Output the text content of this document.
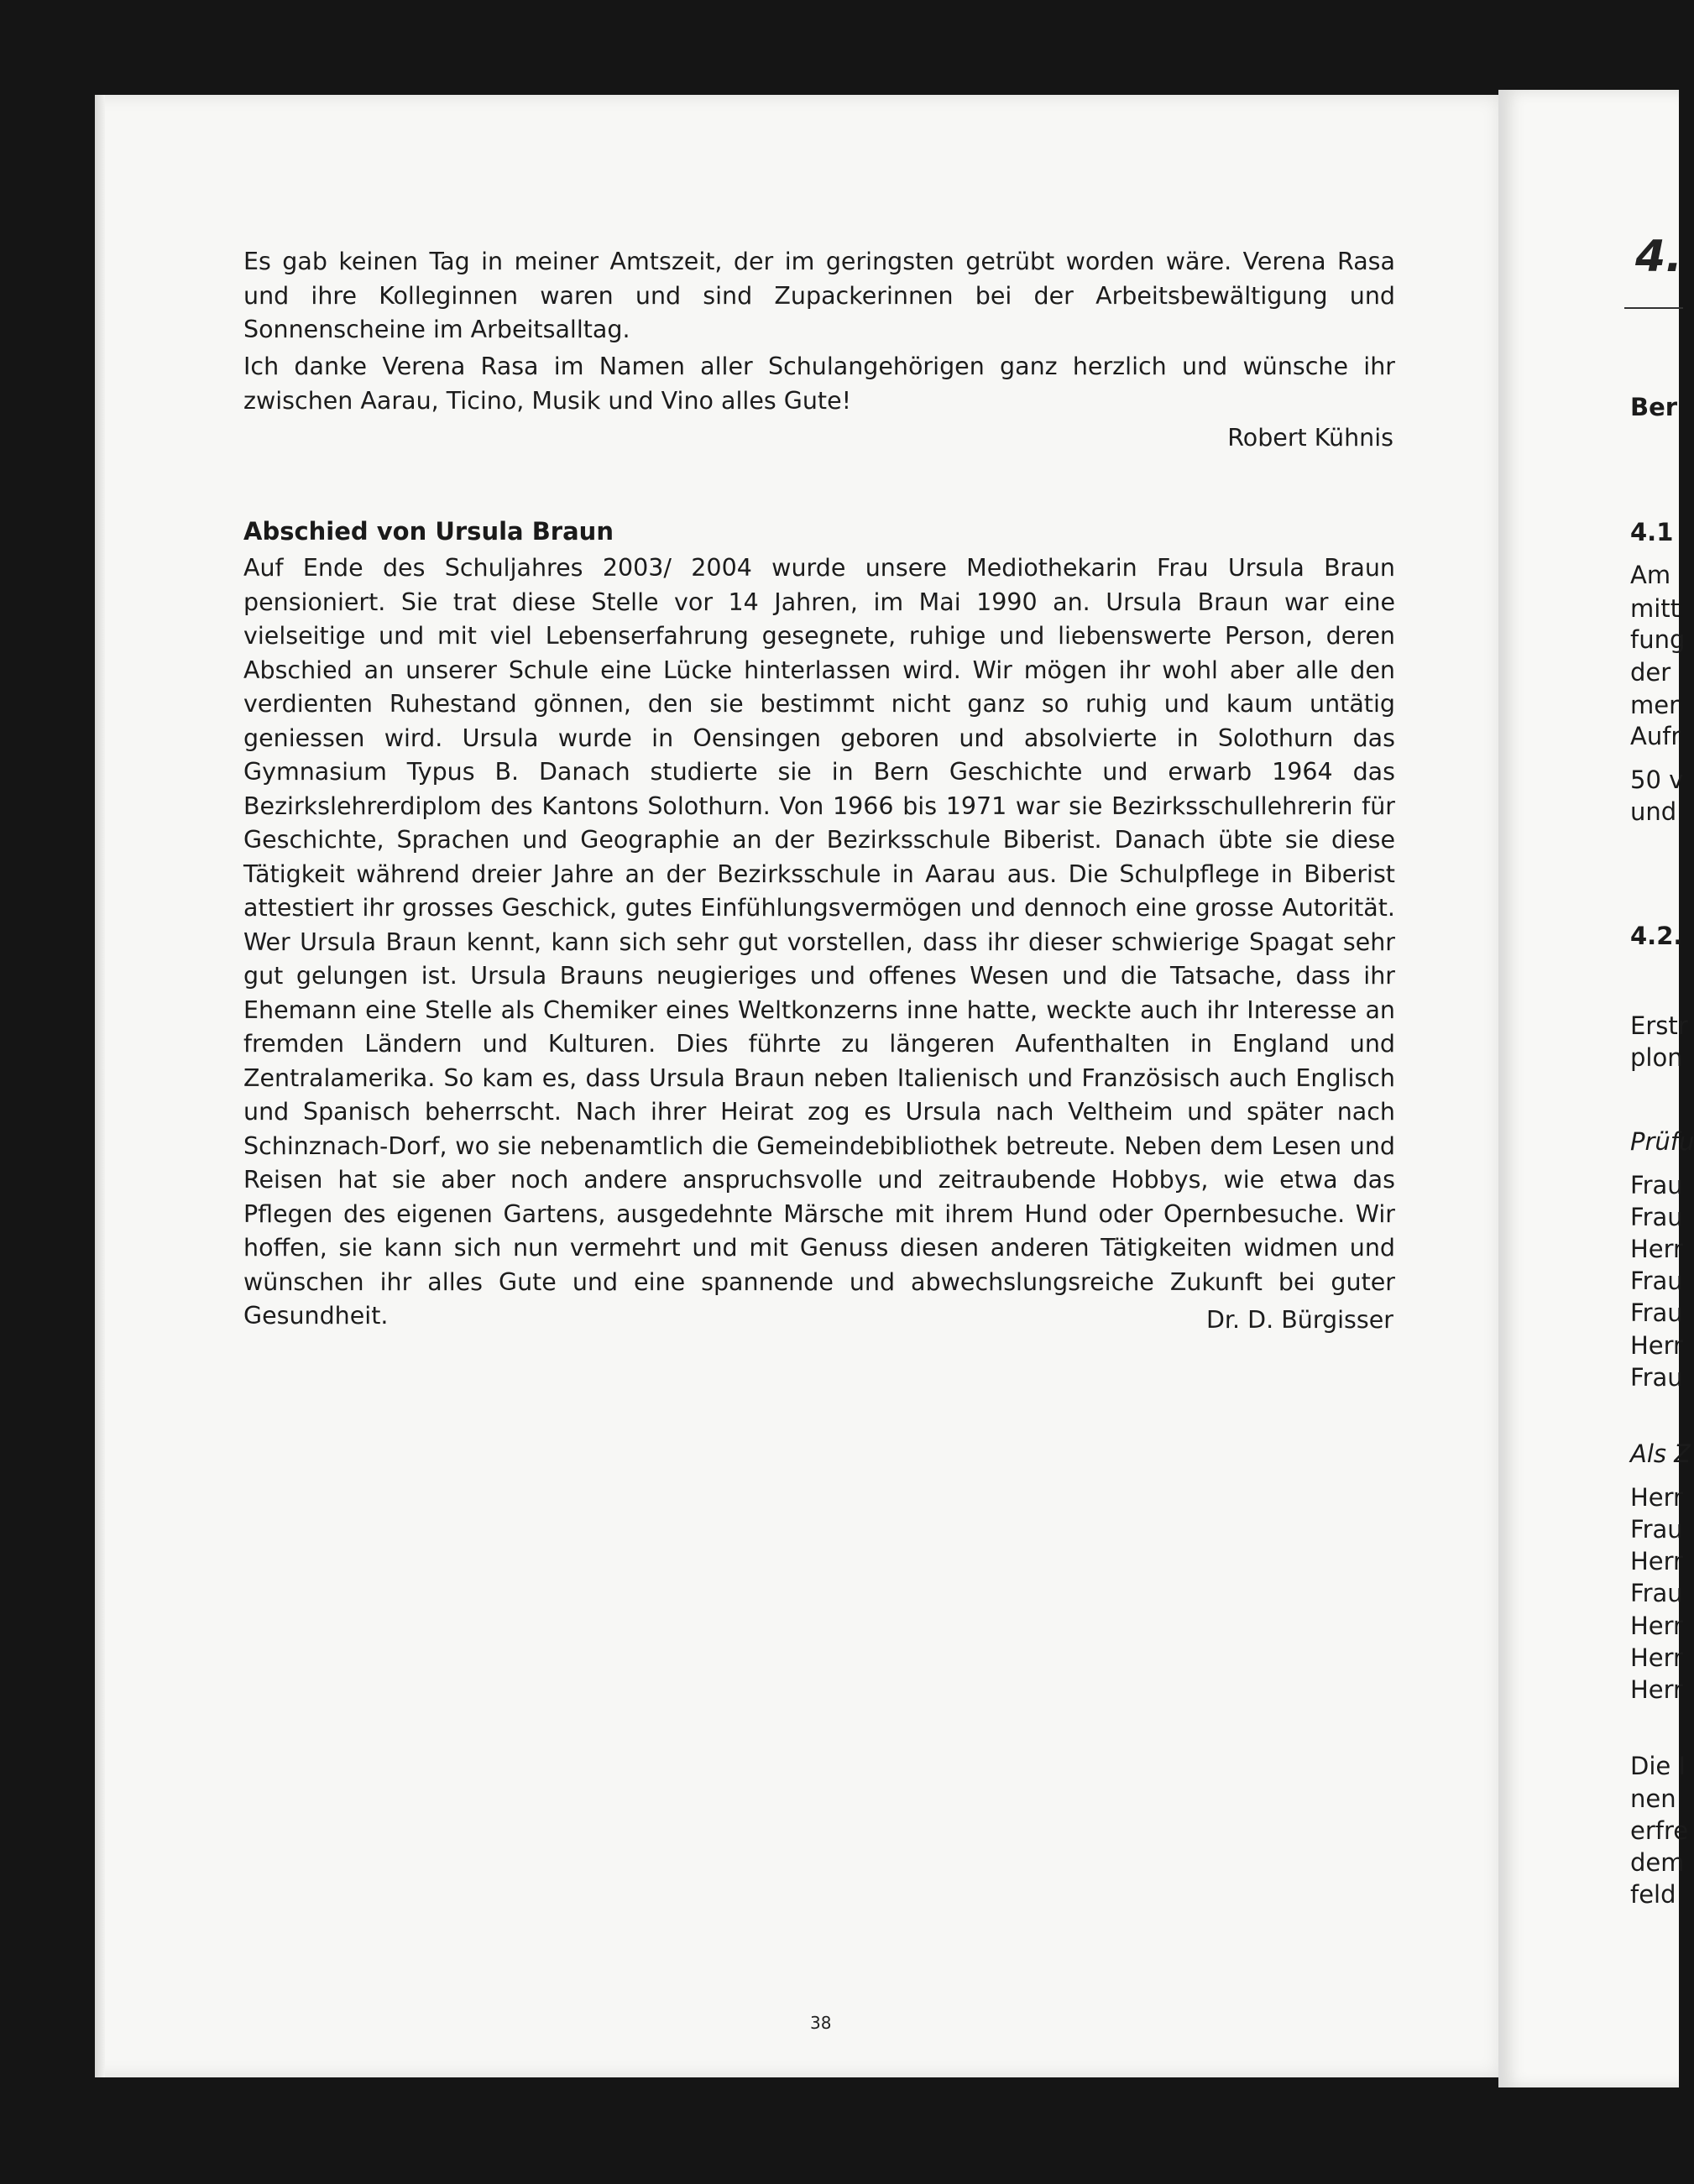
Es gab keinen Tag in meiner Amtszeit, der im geringsten getrübt worden wäre. Verena Rasa und ihre Kolleginnen waren und sind Zupackerinnen bei der Arbeitsbewältigung und Sonnenscheine im Arbeitsalltag.

Ich danke Verena Rasa im Namen aller Schulangehörigen ganz herzlich und wünsche ihr zwischen Aarau, Ticino, Musik und Vino alles Gute!

Robert Kühnis
Abschied von Ursula Braun

Auf Ende des Schuljahres 2003/ 2004 wurde unsere Mediothekarin Frau Ursula Braun pensioniert. Sie trat diese Stelle vor 14 Jahren, im Mai 1990 an. Ursula Braun war eine vielseitige und mit viel Lebenserfahrung gesegnete, ruhige und liebenswerte Person, deren Abschied an unserer Schule eine Lücke hinterlassen wird. Wir mögen ihr wohl aber alle den verdienten Ruhestand gönnen, den sie bestimmt nicht ganz so ruhig und kaum untätig geniessen wird. Ursula wurde in Oensingen geboren und absolvierte in Solothurn das Gymnasium Typus B. Danach studierte sie in Bern Geschichte und erwarb 1964 das Bezirkslehrerdiplom des Kantons Solothurn. Von 1966 bis 1971 war sie Bezirksschullehrerin für Geschichte, Sprachen und Geographie an der Bezirksschule Biberist. Danach übte sie diese Tätigkeit während dreier Jahre an der Bezirksschule in Aarau aus. Die Schulpflege in Biberist attestiert ihr grosses Geschick, gutes Einfühlungsvermögen und dennoch eine grosse Autorität. Wer Ursula Braun kennt, kann sich sehr gut vorstellen, dass ihr dieser schwierige Spagat sehr gut gelungen ist. Ursula Brauns neugieriges und offenes Wesen und die Tatsache, dass ihr Ehemann eine Stelle als Chemiker eines Weltkonzerns inne hatte, weckte auch ihr Interesse an fremden Ländern und Kulturen. Dies führte zu längeren Aufenthalten in England und Zentralamerika. So kam es, dass Ursula Braun neben Italienisch und Französisch auch Englisch und Spanisch beherrscht. Nach ihrer Heirat zog es Ursula nach Veltheim und später nach Schinznach-Dorf, wo sie nebenamtlich die Gemeindebibliothek betreute. Neben dem Lesen und Reisen hat sie aber noch andere anspruchsvolle und zeitraubende Hobbys, wie etwa das Pflegen des eigenen Gartens, ausgedehnte Märsche mit ihrem Hund oder Opernbesuche. Wir hoffen, sie kann sich nun vermehrt und mit Genuss diesen anderen Tätigkeiten widmen und wünschen ihr alles Gute und eine spannende und abwechslungsreiche Zukunft bei guter Gesundheit.	Dr. D. Bürgisser
38
4.
Ber
4.1
Am
mitt
fung
der
mer
Aufr
50 v
und
4.2.
Erstr
plon
Prüfu
Frau
Frau
Herr
Frau
Frau
Herr
Frau
Als Z
Herr
Frau
Herr
Frau
Herr
Herr
Herr
Die I
nen
erfre
dem
feld
